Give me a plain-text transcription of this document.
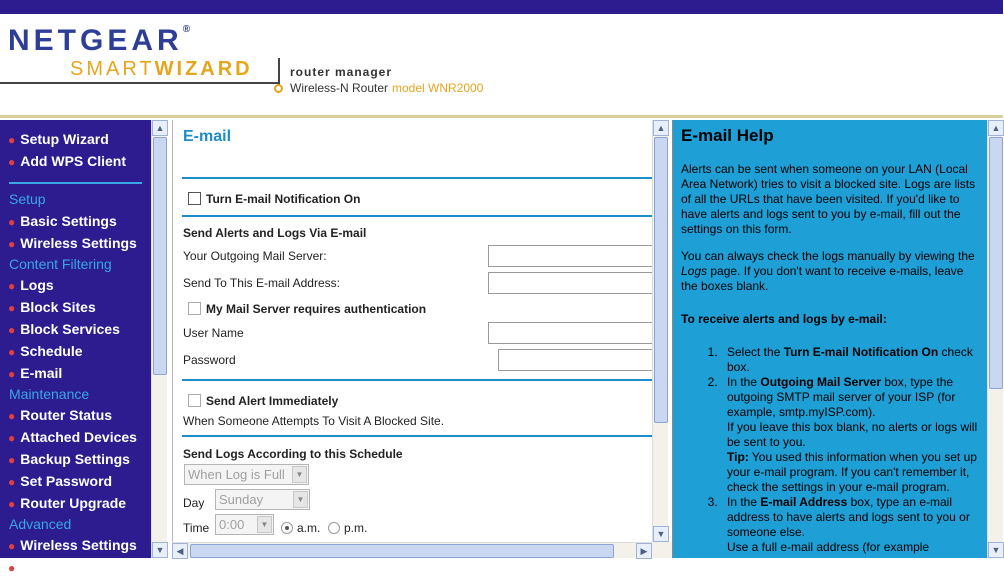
NETGEAR®
SMARTWIZARD	router manager
Wireless-N Router model WNR2000
● Setup Wizard
● Add WPS Client
Setup
● Basic Settings
● Wireless Settings
Content Filtering
● Logs
● Block Sites
● Block Services
● Schedule
● E-mail
Maintenance
● Router Status
● Attached Devices
● Backup Settings
● Set Password
● Router Upgrade
Advanced
● Wireless Settings
● Port Forwarding
▲
▼
E-mail
Turn E-mail Notification On
Send Alerts and Logs Via E-mail
Your Outgoing Mail Server:
Send To This E-mail Address:
My Mail Server requires authentication
User Name
Password
Send Alert Immediately
When Someone Attempts To Visit A Blocked Site.
Send Logs According to this Schedule
When Log is Full	▼
Day	Sunday	▼
Time 0:00	▼	a.m.	p.m.
▲
▼
◀	▶
E-mail Help

Alerts can be sent when someone on your LAN (Local Area Network) tries to visit a blocked site. Logs are lists of all the URLs that have been visited. If you'd like to have alerts and logs sent to you by e-mail, fill out the settings on this form.

You can always check the logs manually by viewing the Logs page. If you don't want to receive e-mails, leave the boxes blank.

To receive alerts and logs by e-mail:

1. Select the Turn E-mail Notification On check box.
2. In the Outgoing Mail Server box, type the outgoing SMTP mail server of your ISP (for example, smtp.myISP.com).
If you leave this box blank, no alerts or logs will be sent to you.
Tip: You used this information when you set up your e-mail program. If you can't remember it, check the settings in your e-mail program.
3. In the E-mail Address box, type an e-mail address to have alerts and logs sent to you or someone else.
Use a full e-mail address (for example
▲
▼
